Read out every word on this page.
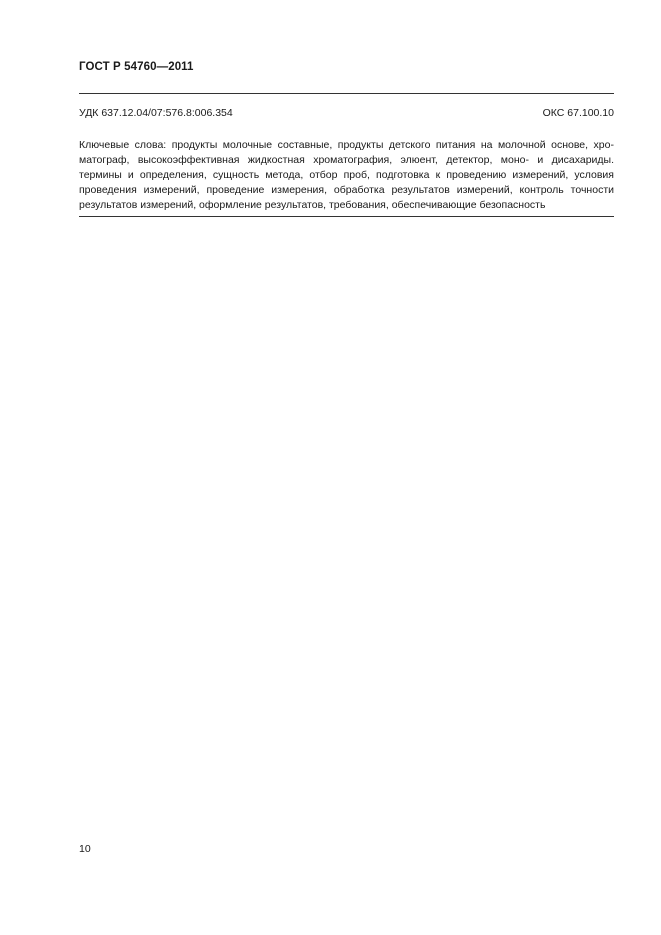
ГОСТ Р 54760—2011
УДК 637.12.04/07:576.8:006.354	ОКС 67.100.10

Ключевые слова: продукты молочные составные, продукты детского питания на молочной основе, хро-
матограф, высокоэффективная жидкостная хроматография, элюент, детектор, моно- и дисахариды.
термины и определения, сущность метода, отбор проб, подготовка к проведению измерений, условия
проведения измерений, проведение измерения, обработка результатов измерений, контроль точности
результатов измерений, оформление результатов, требования, обеспечивающие безопасность

10
